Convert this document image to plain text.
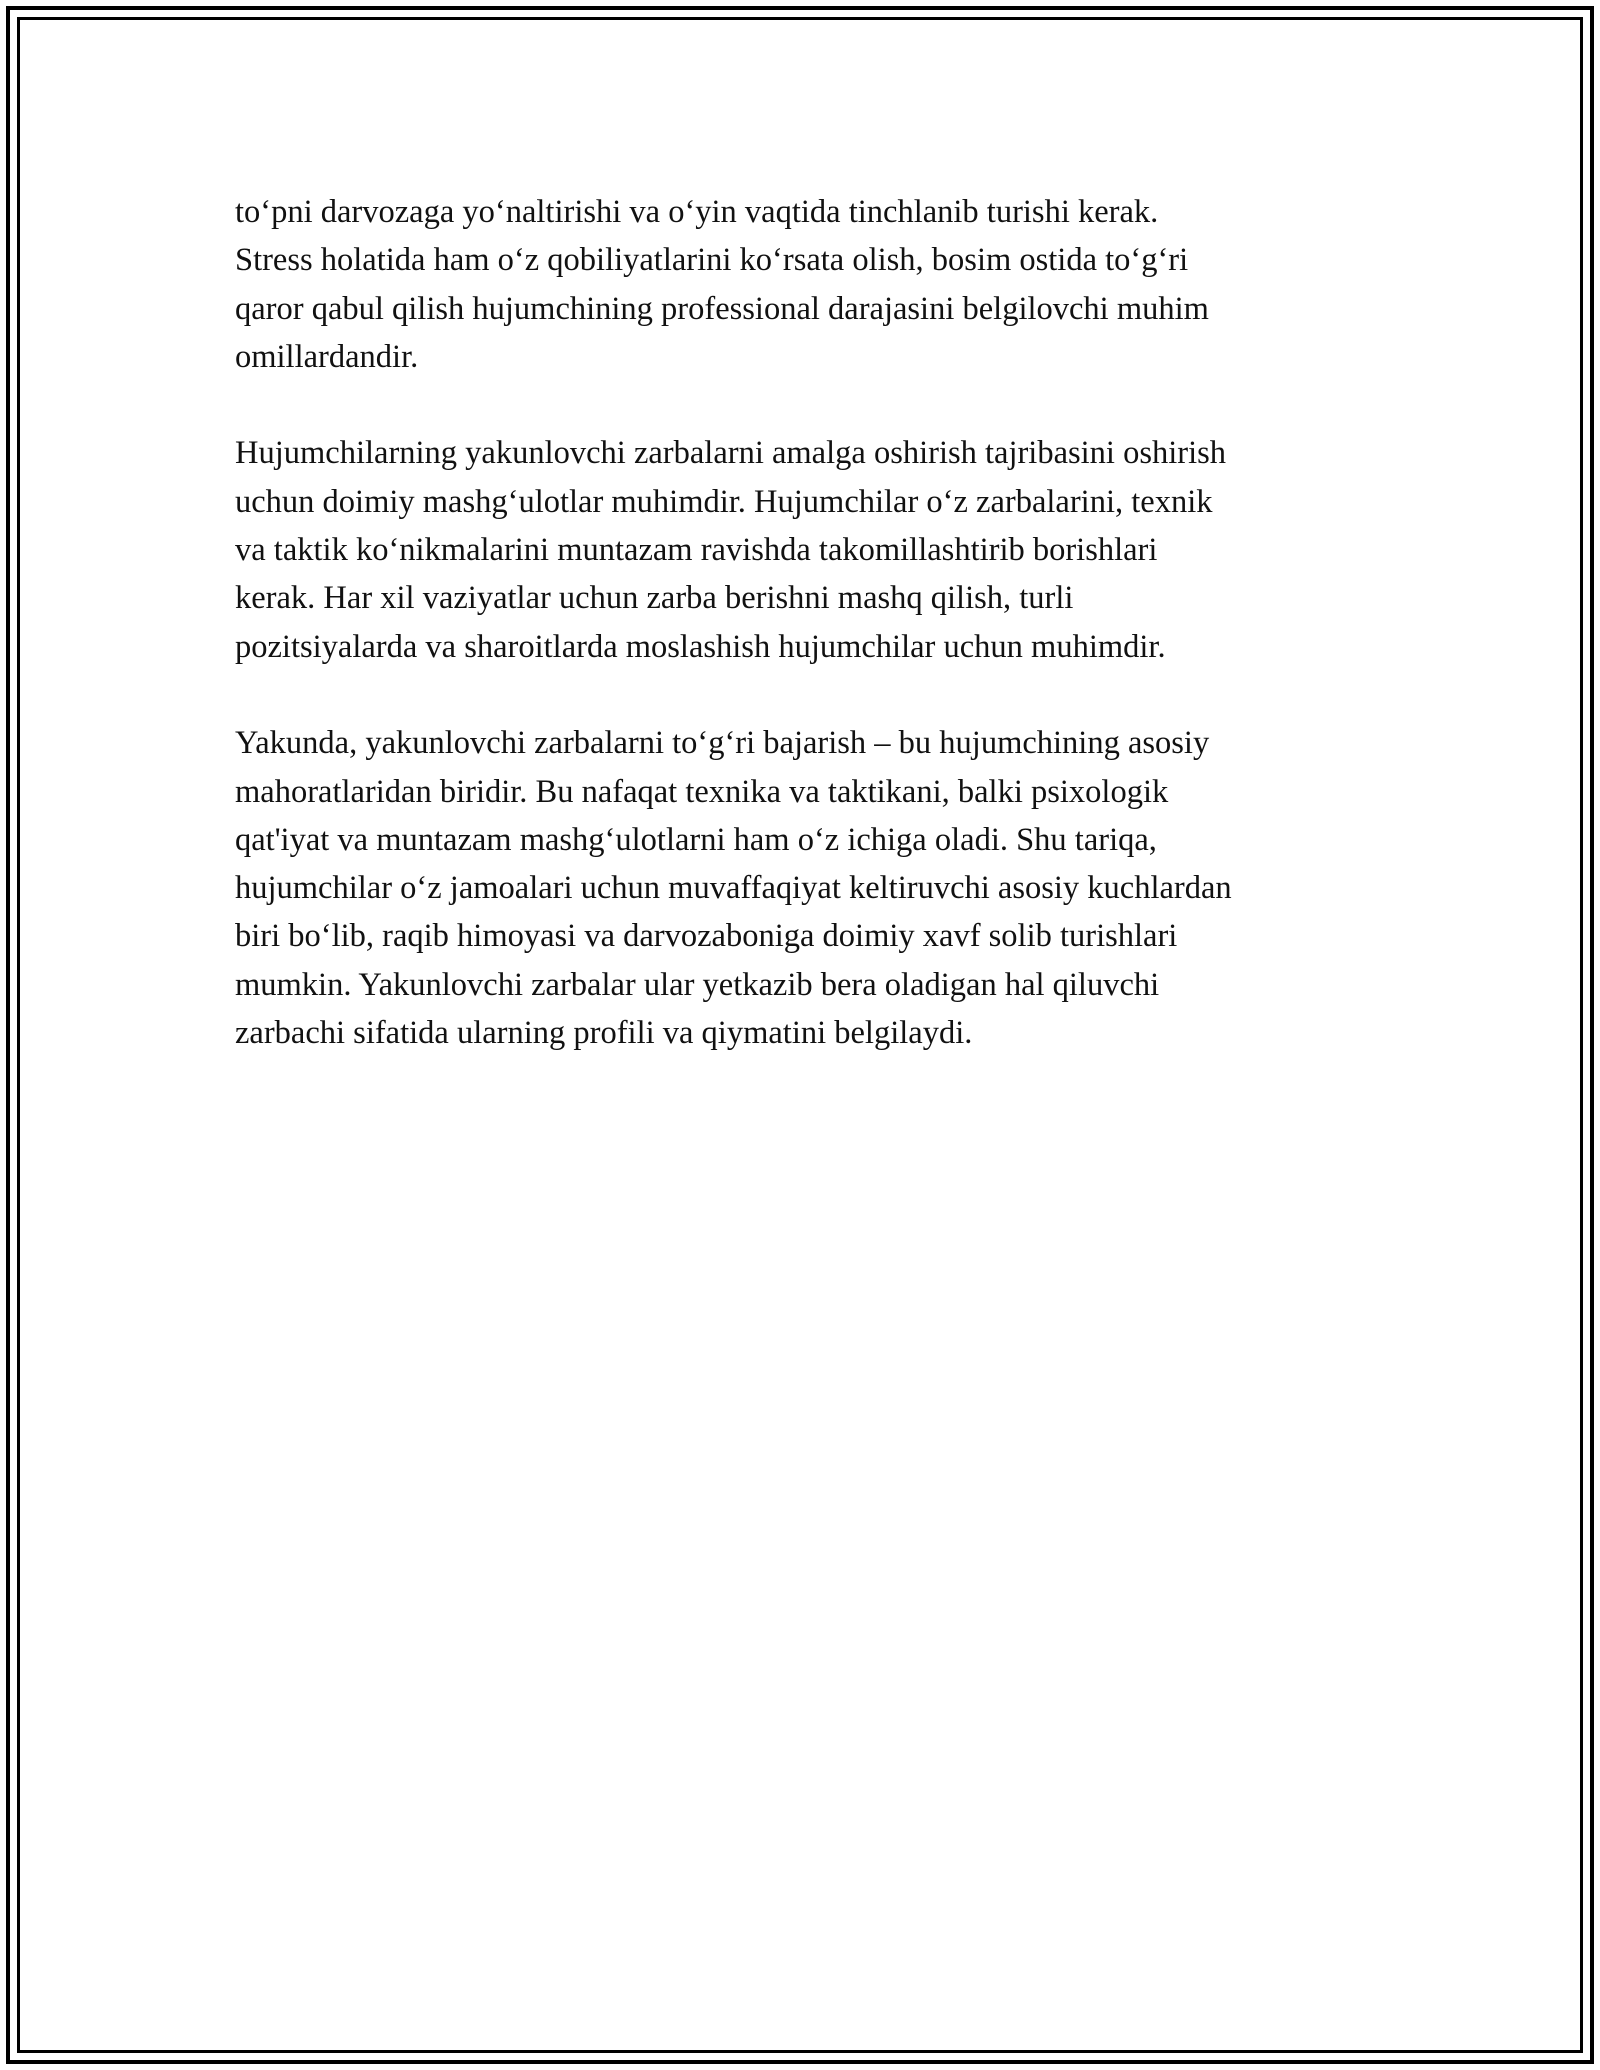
to‘pni darvozaga yo‘naltirishi va o‘yin vaqtida tinchlanib turishi kerak.
Stress holatida ham o‘z qobiliyatlarini ko‘rsata olish, bosim ostida to‘g‘ri
qaror qabul qilish hujumchining professional darajasini belgilovchi muhim
omillardandir.

Hujumchilarning yakunlovchi zarbalarni amalga oshirish tajribasini oshirish
uchun doimiy mashg‘ulotlar muhimdir. Hujumchilar o‘z zarbalarini, texnik
va taktik ko‘nikmalarini muntazam ravishda takomillashtirib borishlari
kerak. Har xil vaziyatlar uchun zarba berishni mashq qilish, turli
pozitsiyalarda va sharoitlarda moslashish hujumchilar uchun muhimdir.

Yakunda, yakunlovchi zarbalarni to‘g‘ri bajarish – bu hujumchining asosiy
mahoratlaridan biridir. Bu nafaqat texnika va taktikani, balki psixologik
qat'iyat va muntazam mashg‘ulotlarni ham o‘z ichiga oladi. Shu tariqa,
hujumchilar o‘z jamoalari uchun muvaffaqiyat keltiruvchi asosiy kuchlardan
biri bo‘lib, raqib himoyasi va darvozaboniga doimiy xavf solib turishlari
mumkin. Yakunlovchi zarbalar ular yetkazib bera oladigan hal qiluvchi
zarbachi sifatida ularning profili va qiymatini belgilaydi.
